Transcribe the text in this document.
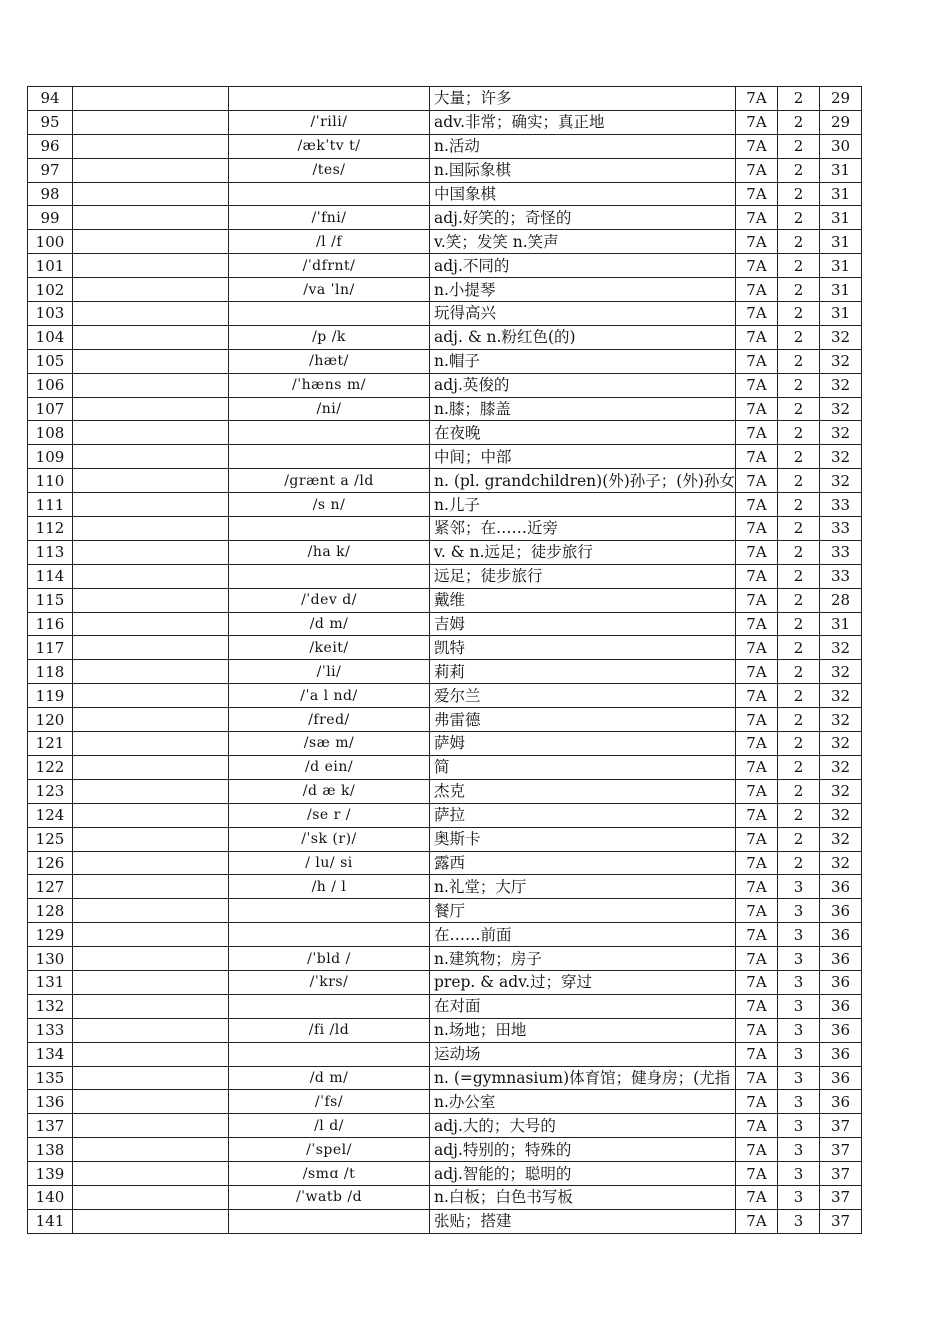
94			大量；许多	7A	2	29
95		/ˈrili/	adv.非常；确实；真正地	7A	2	29
96		/ækˈtv t/	n.活动	7A	2	30
97		/tes/	n.国际象棋	7A	2	31
98			中国象棋	7A	2	31
99		/ˈfni/	adj.好笑的；奇怪的	7A	2	31
100		/l /f	v.笑；发笑 n.笑声	7A	2	31
101		/ˈdfrnt/	adj.不同的	7A	2	31
102		/va ˈln/	n.小提琴	7A	2	31
103			玩得高兴	7A	2	31
104		/p /k	adj. & n.粉红色(的)	7A	2	32
105		/hæt/	n.帽子	7A	2	32
106		/ˈhæns m/	adj.英俊的	7A	2	32
107		/ni/	n.膝；膝盖	7A	2	32
108			在夜晚	7A	2	32
109			中间；中部	7A	2	32
110		/grænt a /ld	n. (pl. grandchildren)(外)孙子；(外)孙女	7A	2	32
111		/s n/	n.儿子	7A	2	33
112			紧邻；在……近旁	7A	2	33
113		/ha k/	v. & n.远足；徒步旅行	7A	2	33
114			远足；徒步旅行	7A	2	33
115		/ˈdev d/	戴维	7A	2	28
116		/d m/	吉姆	7A	2	31
117		/keit/	凯特	7A	2	32
118		/ˈli/	莉莉	7A	2	32
119		/ˈa l nd/	爱尔兰	7A	2	32
120		/fred/	弗雷德	7A	2	32
121		/sæ m/	萨姆	7A	2	32
122		/d ein/	简	7A	2	32
123		/d æ k/	杰克	7A	2	32
124		/se r /	萨拉	7A	2	32
125		/ˈsk (r)/	奥斯卡	7A	2	32
126		/ lu/ si	露西	7A	2	32
127		/h / l	n.礼堂；大厅	7A	3	36
128			餐厅	7A	3	36
129			在……前面	7A	3	36
130		/ˈbld /	n.建筑物；房子	7A	3	36
131		/ˈkrs/	prep. & adv.过；穿过	7A	3	36
132			在对面	7A	3	36
133		/fi /ld	n.场地；田地	7A	3	36
134			运动场	7A	3	36
135		/d m/	n. (=gymnasium)体育馆；健身房；(尤指	7A	3	36
136		/ˈfs/	n.办公室	7A	3	36
137		/l d/	adj.大的；大号的	7A	3	37
138		/ˈspel/	adj.特别的；特殊的	7A	3	37
139		/smɑ /t	adj.智能的；聪明的	7A	3	37
140		/ˈwatb /d	n.白板；白色书写板	7A	3	37
141			张贴；搭建	7A	3	37
